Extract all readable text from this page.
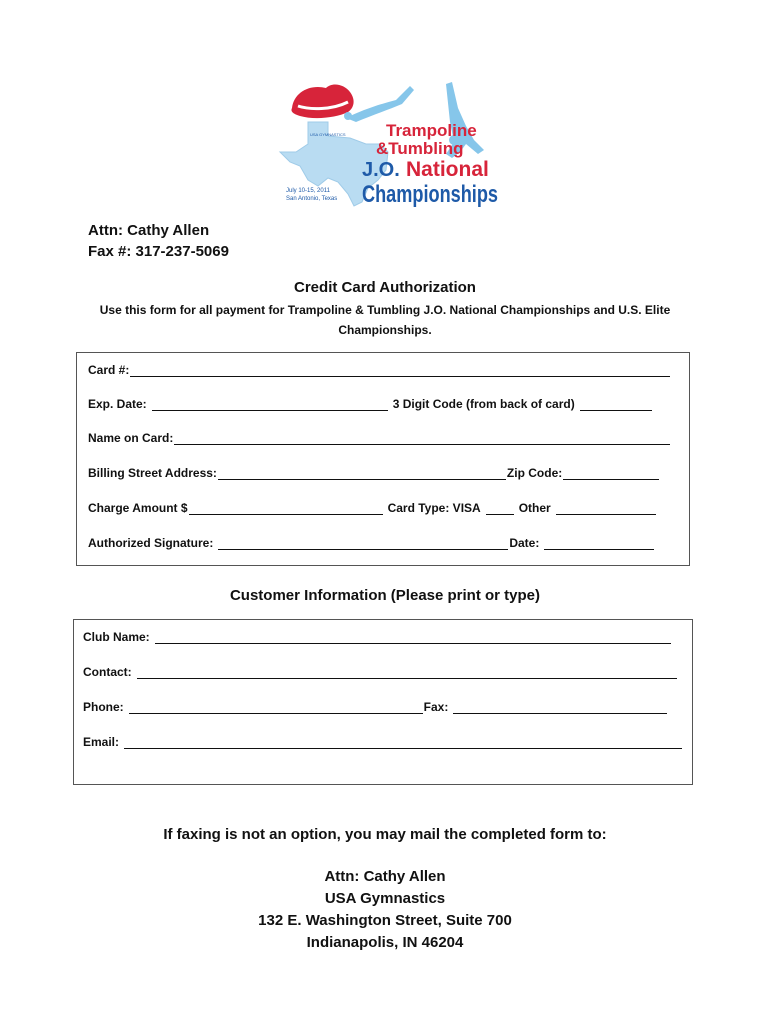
Trampoline
&Tumbling
J.O. National
Championships
July 10-15, 2011
San Antonio, Texas
USA GYMNASTICS
Attn: Cathy Allen
Fax #: 317-237-5069
Credit Card Authorization
Use this form for all payment for Trampoline & Tumbling J.O. National Championships and U.S. Elite Championships.
Card #:
Exp. Date:	3 Digit Code (from back of card)
Name on Card:
Billing Street Address:	Zip Code:
Charge Amount $	Card Type: VISA	Other
Authorized Signature:	Date:
Customer Information (Please print or type)
Club Name:
Contact:
Phone:	Fax:
Email:
If faxing is not an option, you may mail the completed form to:
Attn: Cathy Allen
USA Gymnastics
132 E. Washington Street, Suite 700
Indianapolis, IN 46204
